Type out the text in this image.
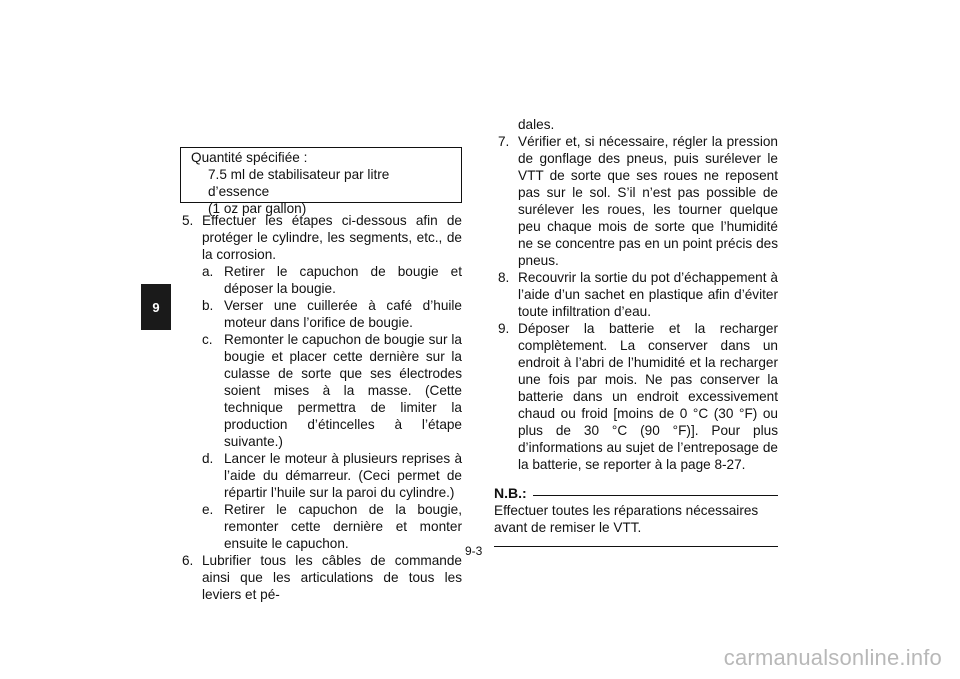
9
Quantité spécifiée :
7.5 ml de stabilisateur par litre d’essence
(1 oz par gallon)
5. Effectuer les étapes ci-dessous afin de protéger le cylindre, les segments, etc., de la corrosion.
a. Retirer le capuchon de bougie et déposer la bougie.
b. Verser une cuillerée à café d’huile moteur dans l’orifice de bougie.
c. Remonter le capuchon de bougie sur la bougie et placer cette dernière sur la culasse de sorte que ses électrodes soient mises à la masse. (Cette technique permettra de limiter la production d’étincelles à l’étape suivante.)
d. Lancer le moteur à plusieurs reprises à l’aide du démarreur. (Ceci permet de répartir l’huile sur la paroi du cylindre.)
e. Retirer le capuchon de la bougie, remonter cette dernière et monter ensuite le capuchon.
6. Lubrifier tous les câbles de commande ainsi que les articulations de tous les leviers et pé-
dales.
7. Vérifier et, si nécessaire, régler la pression de gonflage des pneus, puis surélever le VTT de sorte que ses roues ne reposent pas sur le sol. S’il n’est pas possible de surélever les roues, les tourner quelque peu chaque mois de sorte que l’humidité ne se concentre pas en un point précis des pneus.
8. Recouvrir la sortie du pot d’échappement à l’aide d’un sachet en plastique afin d’éviter toute infiltration d’eau.
9. Déposer la batterie et la recharger complètement. La conserver dans un endroit à l’abri de l’humidité et la recharger une fois par mois. Ne pas conserver la batterie dans un endroit excessivement chaud ou froid [moins de 0 °C (30 °F) ou plus de 30 °C (90 °F)]. Pour plus d’informations au sujet de l’entreposage de la batterie, se reporter à la page 8-27.
N.B.:
Effectuer toutes les réparations nécessaires avant de remiser le VTT.
9-3
carmanualsonline.info
